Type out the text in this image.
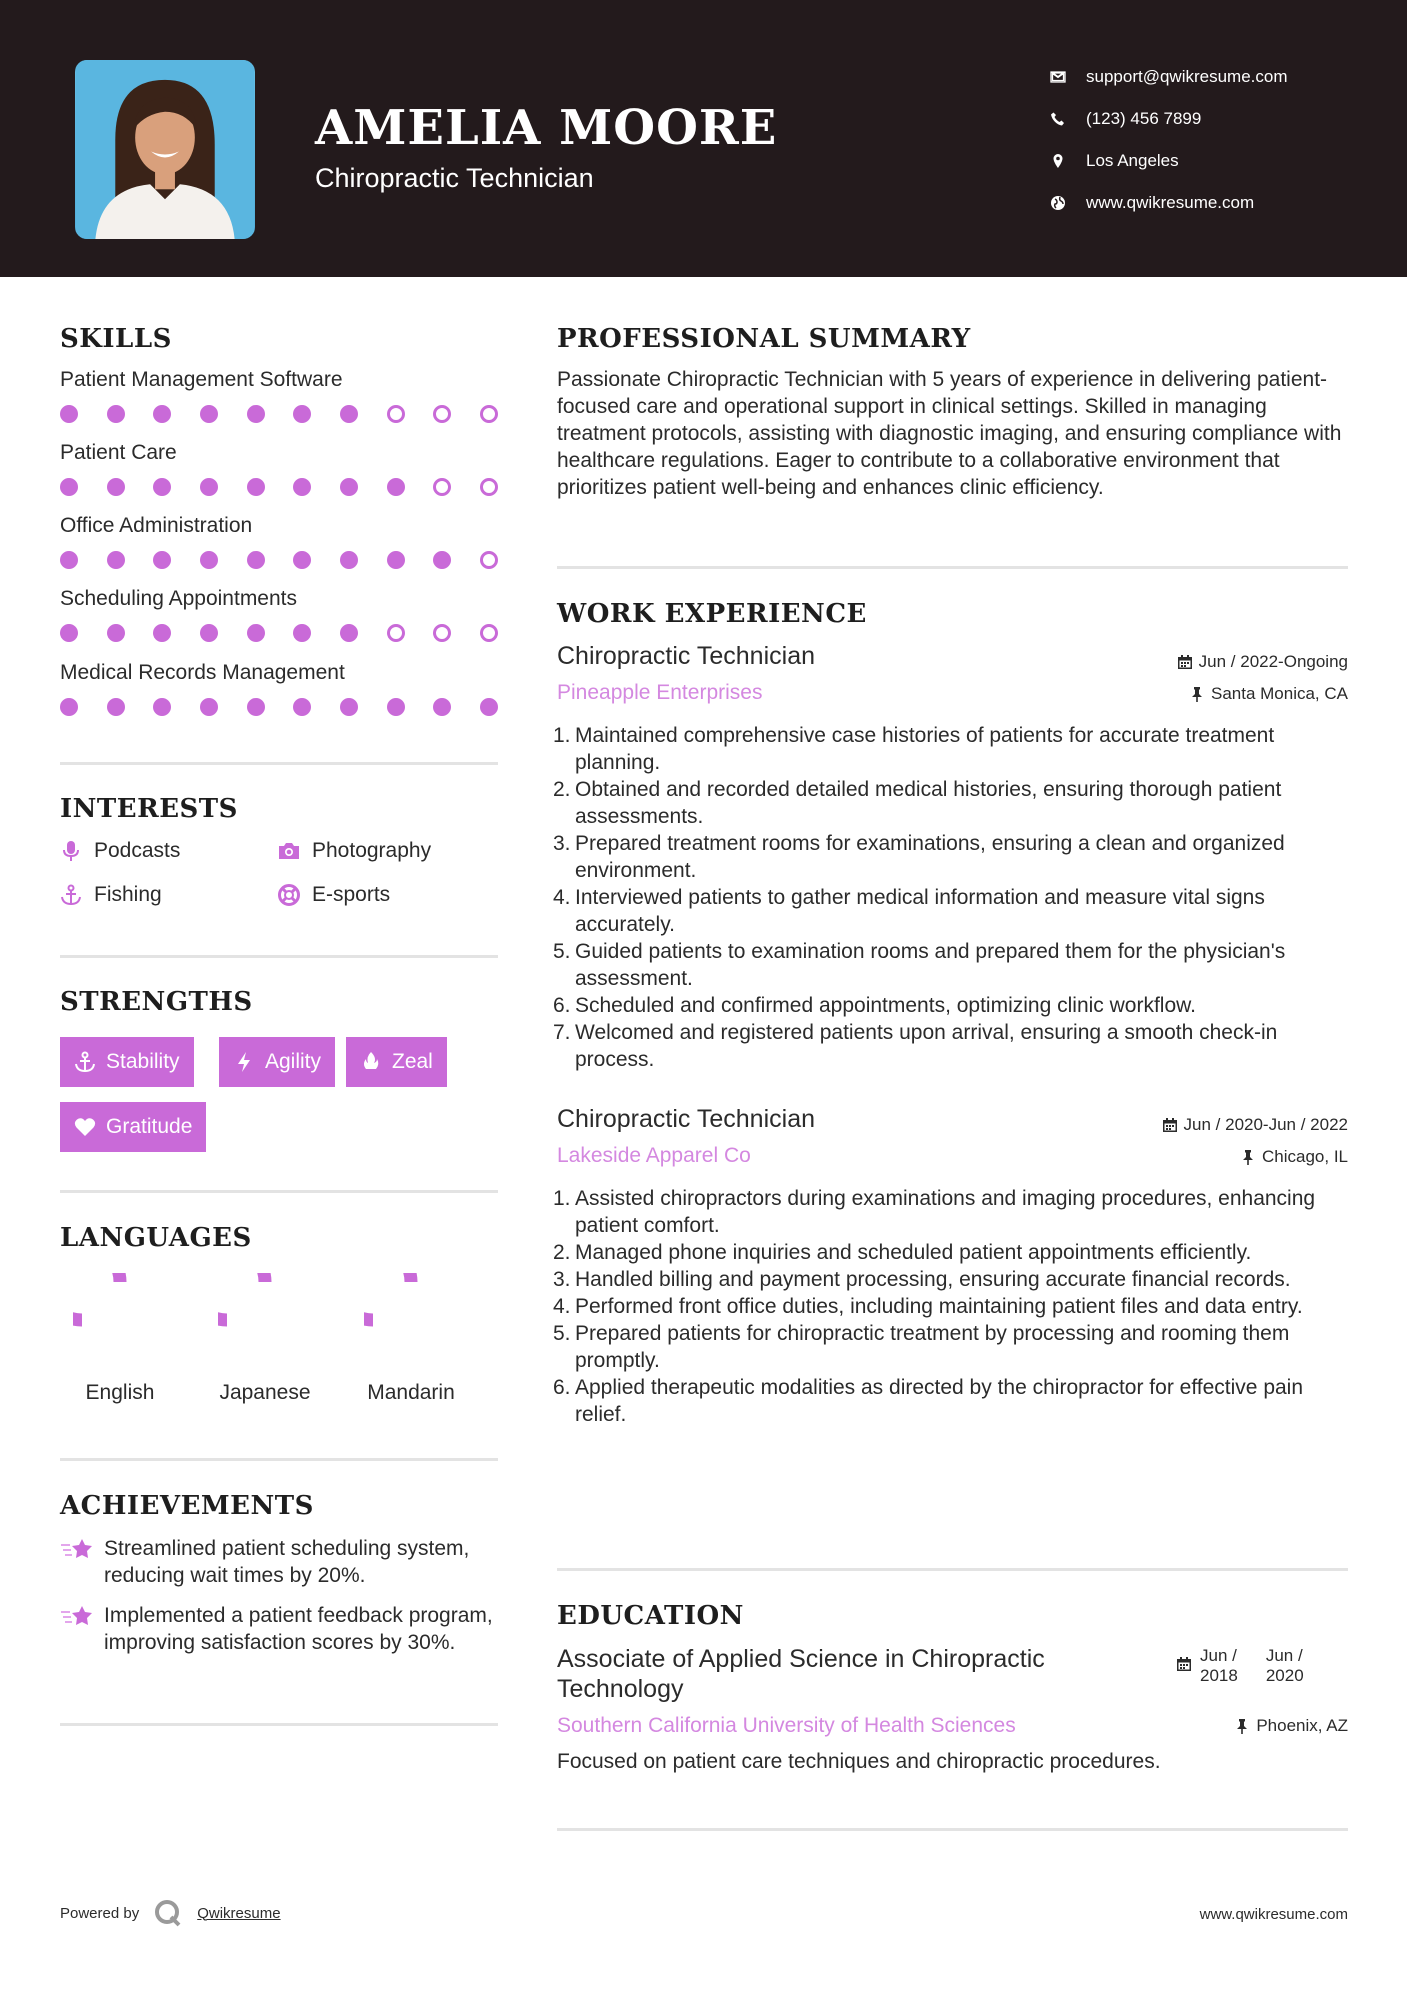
AMELIA MOORE
Chiropractic Technician
support@qwikresume.com
(123) 456 7899
Los Angeles
www.qwikresume.com
SKILLS
Patient Management Software
Patient Care
Office Administration
Scheduling Appointments
Medical Records Management
INTERESTS
Podcasts	Photography
Fishing	E-sports
STRENGTHS
Stability	Agility	Zeal
Gratitude
LANGUAGES
English	Japanese	Mandarin
ACHIEVEMENTS
Streamlined patient scheduling system, reducing wait times by 20%.
Implemented a patient feedback program, improving satisfaction scores by 30%.
PROFESSIONAL SUMMARY
Passionate Chiropractic Technician with 5 years of experience in delivering patient-focused care and operational support in clinical settings. Skilled in managing treatment protocols, assisting with diagnostic imaging, and ensuring compliance with healthcare regulations. Eager to contribute to a collaborative environment that prioritizes patient well-being and enhances clinic efficiency.
WORK EXPERIENCE
Chiropractic Technician	Jun / 2022-Ongoing
Pineapple Enterprises	Santa Monica, CA
1. Maintained comprehensive case histories of patients for accurate treatment planning.
2. Obtained and recorded detailed medical histories, ensuring thorough patient assessments.
3. Prepared treatment rooms for examinations, ensuring a clean and organized environment.
4. Interviewed patients to gather medical information and measure vital signs accurately.
5. Guided patients to examination rooms and prepared them for the physician's assessment.
6. Scheduled and confirmed appointments, optimizing clinic workflow.
7. Welcomed and registered patients upon arrival, ensuring a smooth check-in process.
Chiropractic Technician	Jun / 2020-Jun / 2022
Lakeside Apparel Co	Chicago, IL
1. Assisted chiropractors during examinations and imaging procedures, enhancing patient comfort.
2. Managed phone inquiries and scheduled patient appointments efficiently.
3. Handled billing and payment processing, ensuring accurate financial records.
4. Performed front office duties, including maintaining patient files and data entry.
5. Prepared patients for chiropractic treatment by processing and rooming them promptly.
6. Applied therapeutic modalities as directed by the chiropractor for effective pain relief.
EDUCATION
Associate of Applied Science in Chiropractic Technology
Jun /
2018
Jun /
2020
Southern California University of Health Sciences	Phoenix, AZ
Focused on patient care techniques and chiropractic procedures.
Powered by	Qwikresume	www.qwikresume.com
